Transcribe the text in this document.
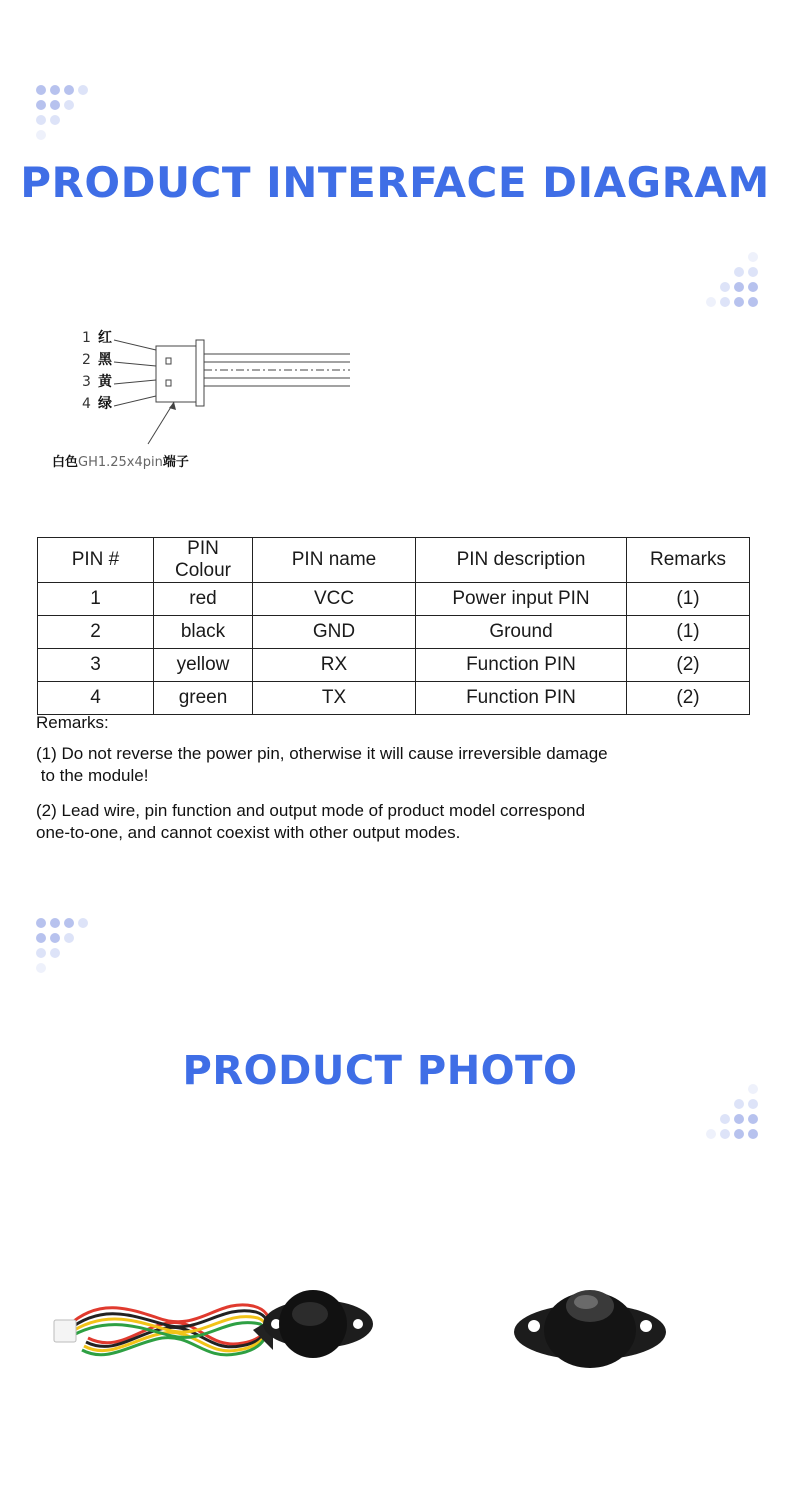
PRODUCT INTERFACE DIAGRAM
1 红
2 黑
3 黄
4 绿
白色GH1.25x4pin端子
PIN #	PIN Colour	PIN name	PIN description	Remarks
1	red	VCC	Power input PIN	(1)
2	black	GND	Ground	(1)
3	yellow	RX	Function PIN	(2)
4	green	TX	Function PIN	(2)
Remarks:
(1) Do not reverse the power pin, otherwise it will cause irreversible damage
to the module!
(2) Lead wire, pin function and output mode of product model correspond
one-to-one, and cannot coexist with other output modes.
PRODUCT PHOTO
